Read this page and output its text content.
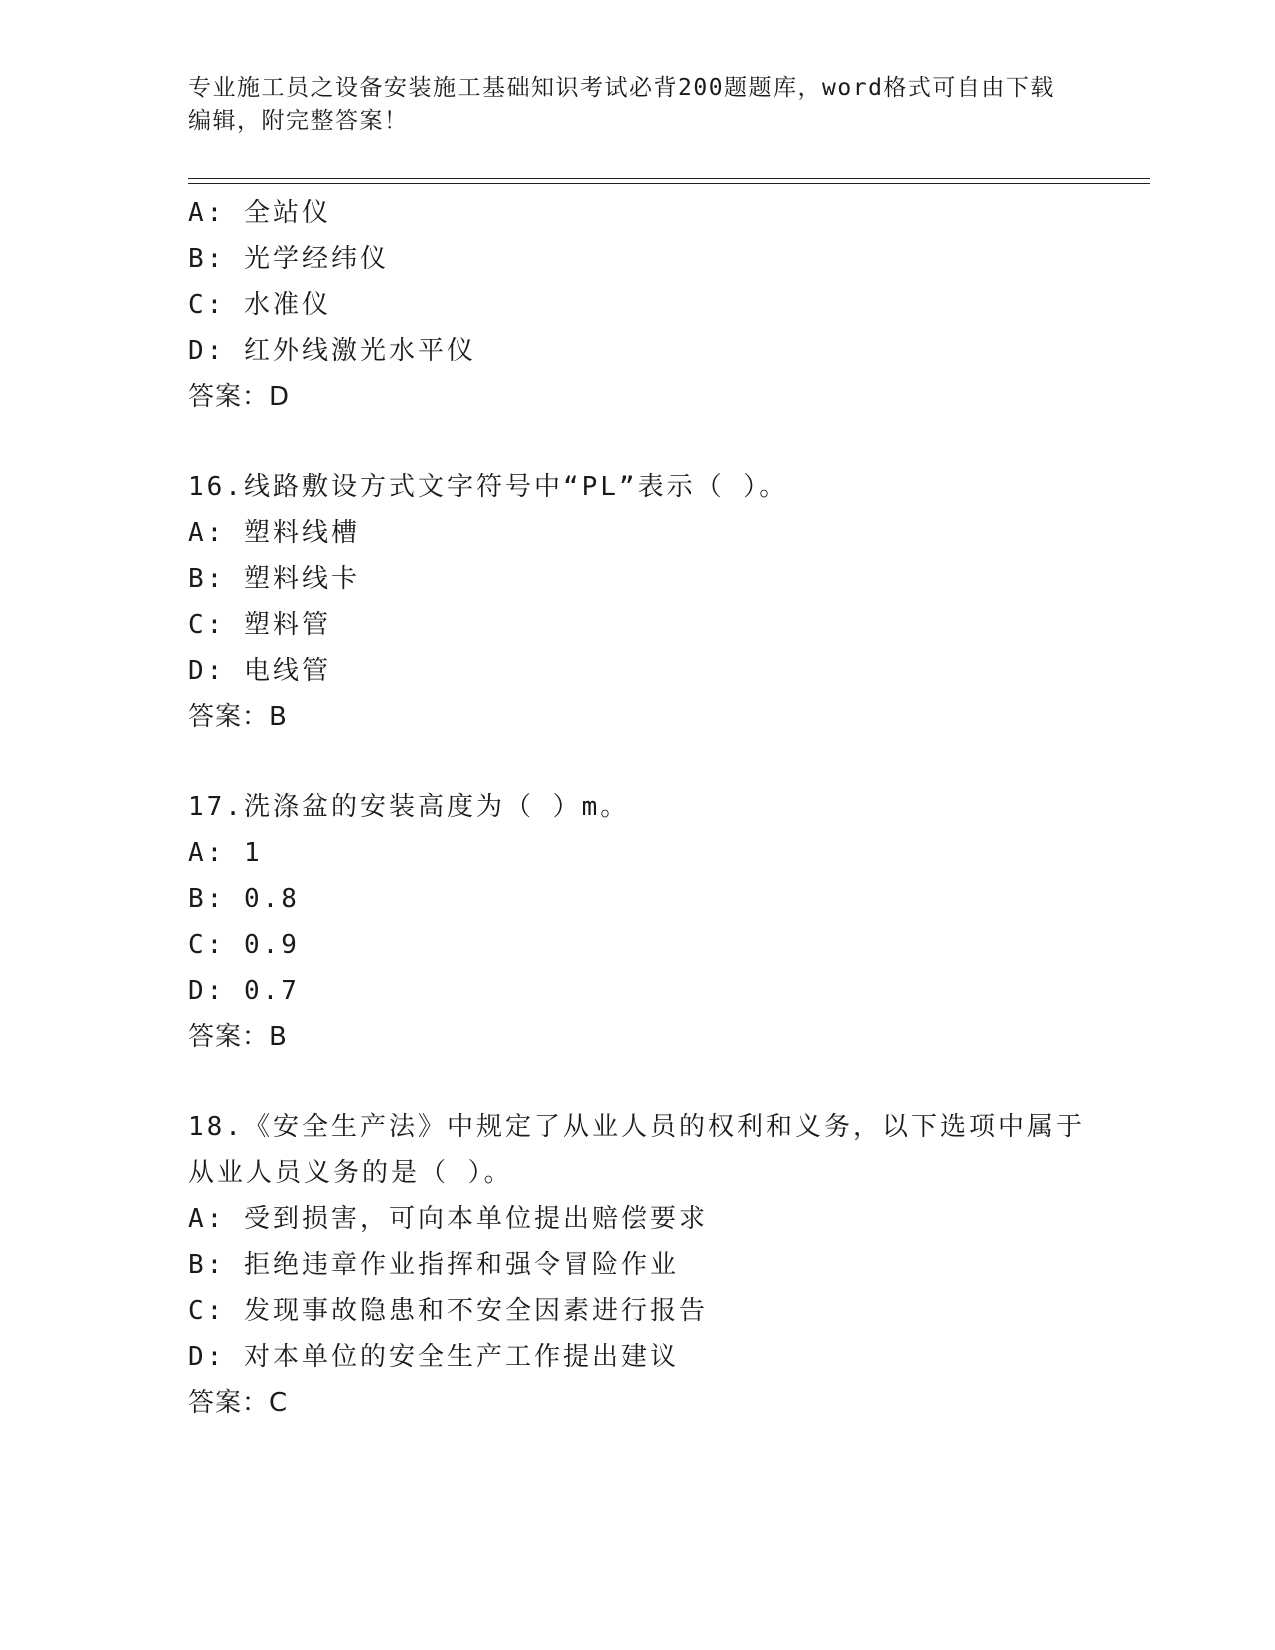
专业施工员之设备安装施工基础知识考试必背200题题库，word格式可自由下载编辑，附完整答案！
A: 全站仪
B: 光学经纬仪
C: 水准仪
D: 红外线激光水平仪
答案：D
16.线路敷设方式文字符号中“PL”表示（ ）。
A: 塑料线槽
B: 塑料线卡
C: 塑料管
D: 电线管
答案：B
17.洗涤盆的安装高度为（ ）m。
A: 1
B: 0.8
C: 0.9
D: 0.7
答案：B
18.《安全生产法》中规定了从业人员的权利和义务，以下选项中属于从业人员义务的是（ ）。
A: 受到损害，可向本单位提出赔偿要求
B: 拒绝违章作业指挥和强令冒险作业
C: 发现事故隐患和不安全因素进行报告
D: 对本单位的安全生产工作提出建议
答案：C
